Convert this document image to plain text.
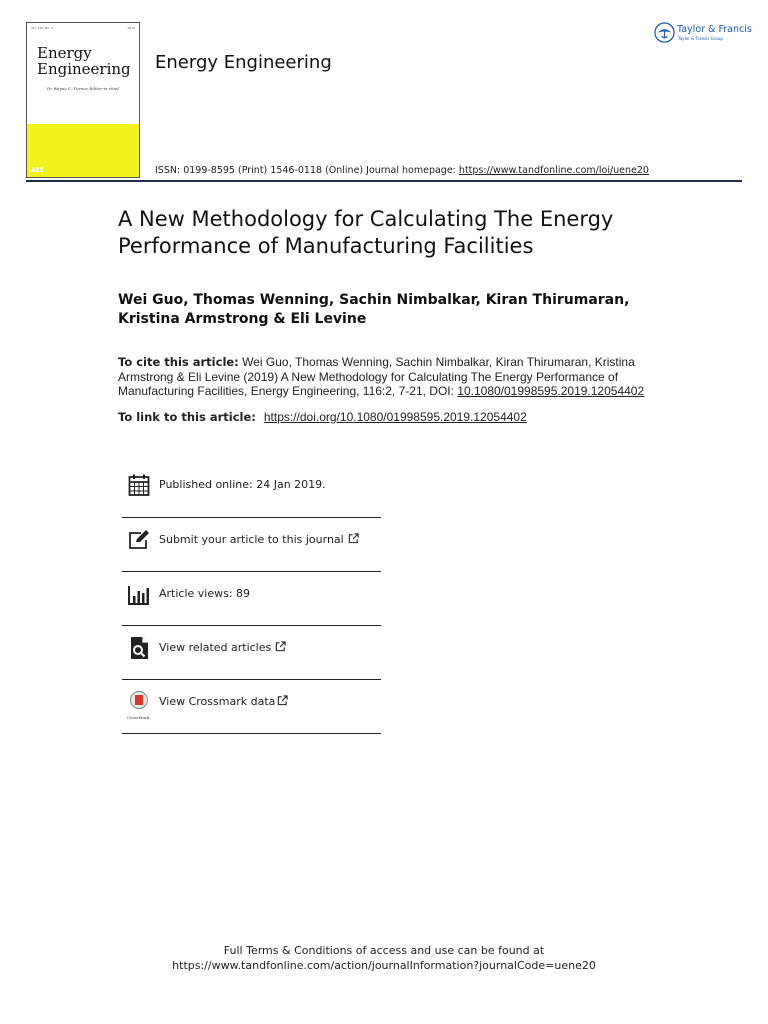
Vol. 116, No. 2	2019
Energy
Engineering
Dr Wayne C. Turner, Editor-in-chief
AEE
Energy Engineering
ISSN: 0199-8595 (Print) 1546-0118 (Online) Journal homepage: https://www.tandfonline.com/loi/uene20
Taylor & Francis
Taylor & Francis Group
A New Methodology for Calculating The Energy Performance of Manufacturing Facilities
Wei Guo, Thomas Wenning, Sachin Nimbalkar, Kiran Thirumaran, Kristina Armstrong & Eli Levine
To cite this article: Wei Guo, Thomas Wenning, Sachin Nimbalkar, Kiran Thirumaran, Kristina Armstrong & Eli Levine (2019) A New Methodology for Calculating The Energy Performance of Manufacturing Facilities, Energy Engineering, 116:2, 7-21, DOI: 10.1080/01998595.2019.12054402
To link to this article: https://doi.org/10.1080/01998595.2019.12054402
Published online: 24 Jan 2019.
Submit your article to this journal
Article views: 89
View related articles
View Crossmark data
CrossMark
Full Terms & Conditions of access and use can be found at
https://www.tandfonline.com/action/journalInformation?journalCode=uene20
